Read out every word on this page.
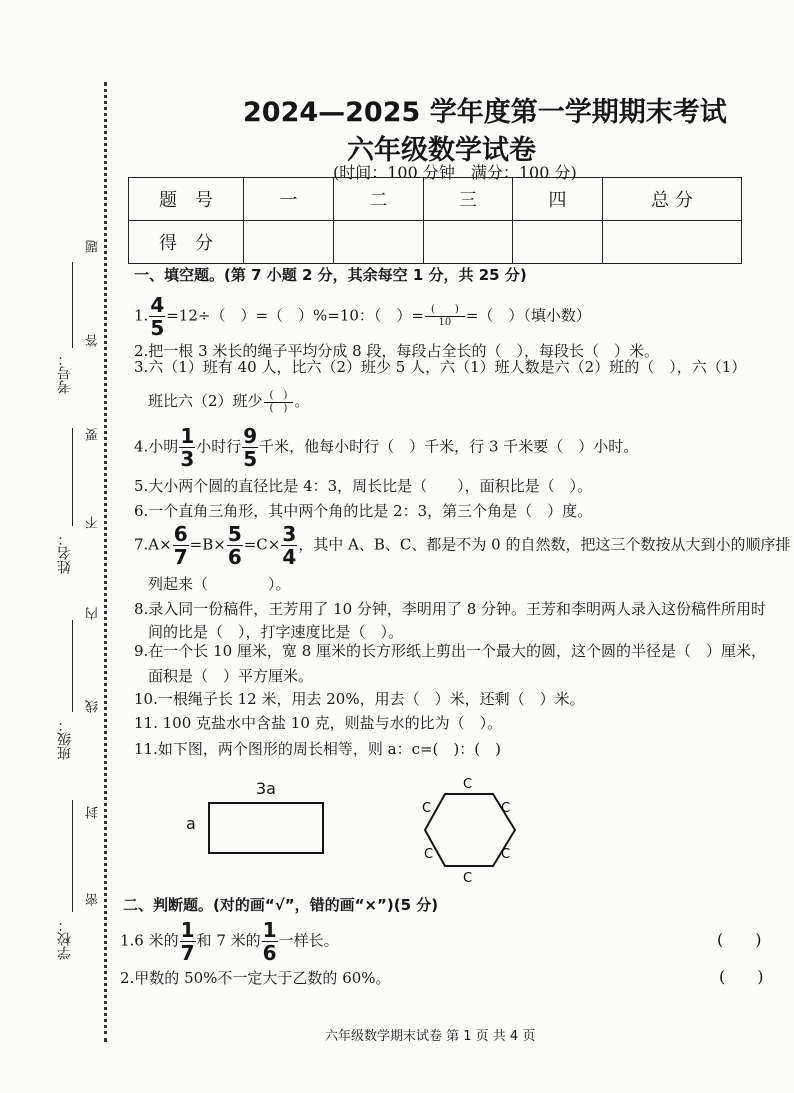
密
封
线
内
不
要
答
题
学校：
班级：
姓名：
考号：
2024—2025 学年度第一学期期末考试
六年级数学试卷
(时间：100 分钟　满分：100 分)
题　号	一	二	三	四	总 分
得　分					
一、填空题。(第 7 小题 2 分，其余每空 1 分，共 25 分)
1. $\frac{4}{5} =12\div$（　）=（　）%=10：（　）= $\frac{( )}{10}$ =（　）（填小数）
2.把一根 3 米长的绳子平均分成 8 段，每段占全长的（　），每段长（　）米。
3.六（1）班有 40 人，比六（2）班少 5 人，六（1）班人数是六（2）班的（　），六（1）
班比六（2）班少 $\frac{( )}{( )}$ 。
4.小明 $\frac{1}{3}$ 小时行 $\frac{9}{5}$ 千米，他每小时行（　）千米，行 3 千米要（　）小时。
5.大小两个圆的直径比是 4：3，周长比是（　　），面积比是（　）。
6.一个直角三角形，其中两个角的比是 2：3，第三个角是（　）度。
$7.A\times \frac{6}{7} =B\times \frac{5}{6} =C\times \frac{3}{4}$ ，其中 A、B、C、都是不为 0 的自然数，把这三个数按从大到小的顺序排
列起来（　　　　）。
8.录入同一份稿件，王芳用了 10 分钟，李明用了 8 分钟。王芳和李明两人录入这份稿件所用时
间的比是（　），打字速度比是（　）。
9.在一个长 10 厘米，宽 8 厘米的长方形纸上剪出一个最大的圆，这个圆的半径是（　）厘米，
面积是（　）平方厘米。
10.一根绳子长 12 米，用去 20%，用去（　）米，还剩（　）米。
11. 100 克盐水中含盐 10 克，则盐与水的比为（　）。
11.如下图，两个图形的周长相等，则 a：c=(　)：(　)
3a
a
C
C	C
C	C
C
二、判断题。(对的画“√”，错的画“×”)(5 分)
1.6 米的 $\frac{1}{7}$ 和 7 米的 $\frac{1}{6}$ 一样长。	(　　)
2.甲数的 50%不一定大于乙数的 60%。	(　　)
六年级数学期末试卷 第 1 页 共 4 页
